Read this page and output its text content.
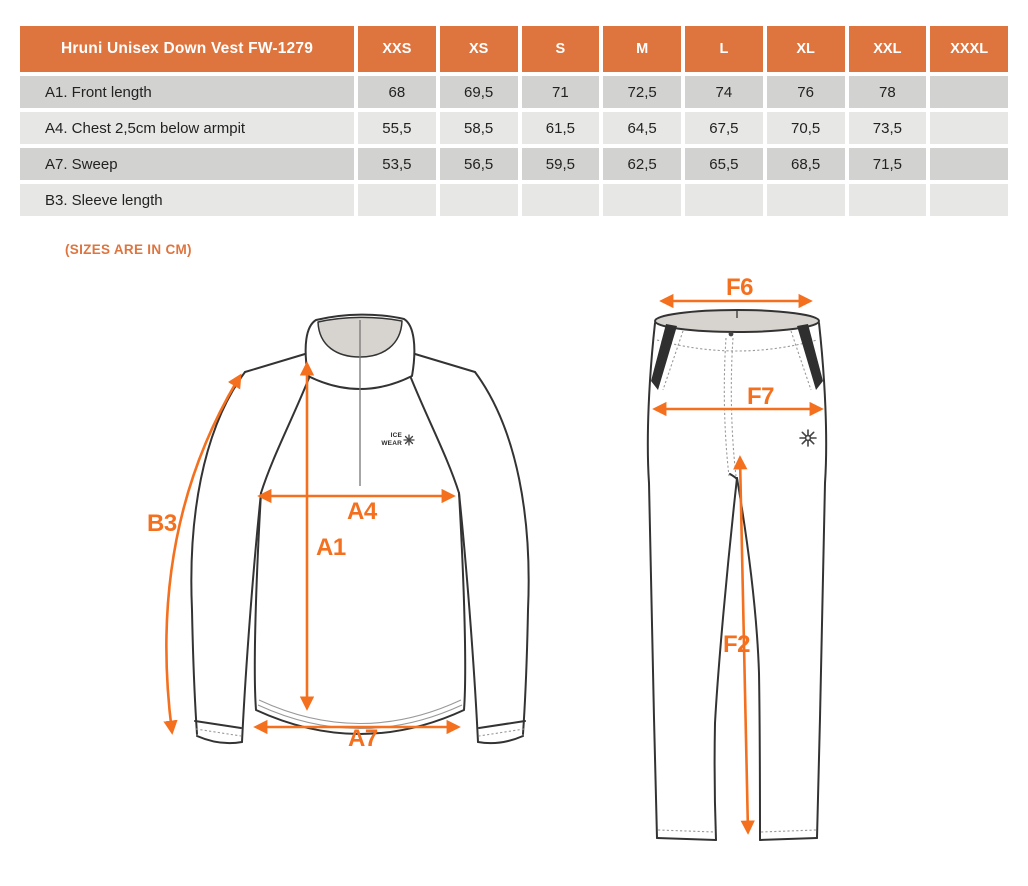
Hruni Unisex Down Vest FW-1279	XXS	XS	S	M	L	XL	XXL	XXXL
A1. Front length	68	69,5	71	72,5	74	76	78
A4. Chest 2,5cm below armpit	55,5	58,5	61,5	64,5	67,5	70,5	73,5
A7. Sweep	53,5	56,5	59,5	62,5	65,5	68,5	71,5
B3. Sleeve length
(SIZES ARE IN CM)
ICE
WEAR
B3	A4
A1
A7
F6
F7
F2
